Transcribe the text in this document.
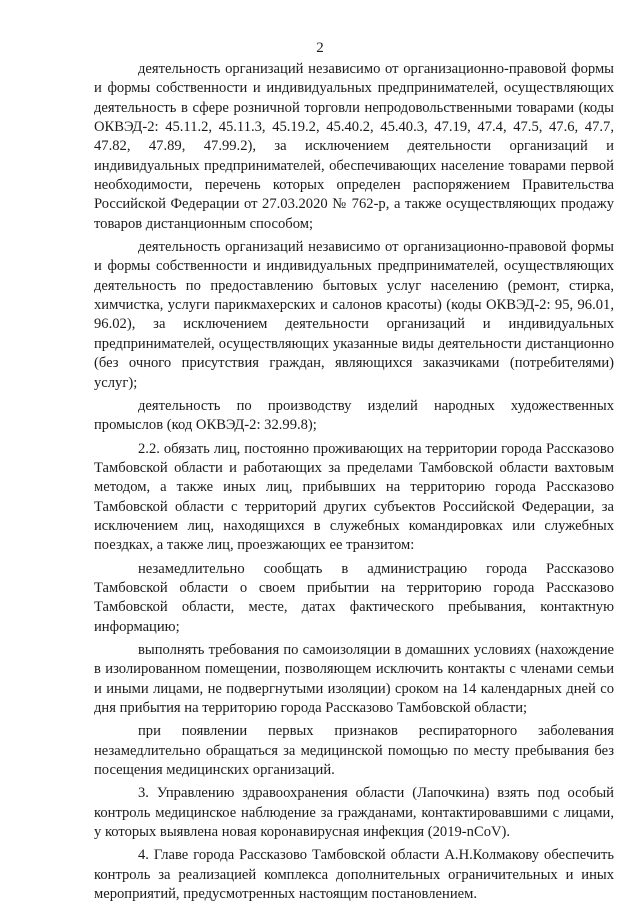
2

деятельность организаций независимо от организационно-правовой формы и формы собственности и индивидуальных предпринимателей, осуществляющих деятельность в сфере розничной торговли непродовольственными товарами (коды ОКВЭД-2: 45.11.2, 45.11.3, 45.19.2, 45.40.2, 45.40.3, 47.19, 47.4, 47.5, 47.6, 47.7, 47.82, 47.89, 47.99.2), за исключением деятельности организаций и индивидуальных предпринимателей, обеспечивающих население товарами первой необходимости, перечень которых определен распоряжением Правительства Российской Федерации от 27.03.2020 № 762-р, а также осуществляющих продажу товаров дистанционным способом;

деятельность организаций независимо от организационно-правовой формы и формы собственности и индивидуальных предпринимателей, осуществляющих деятельность по предоставлению бытовых услуг населению (ремонт, стирка, химчистка, услуги парикмахерских и салонов красоты) (коды ОКВЭД-2: 95, 96.01, 96.02), за исключением деятельности организаций и индивидуальных предпринимателей, осуществляющих указанные виды деятельности дистанционно (без очного присутствия граждан, являющихся заказчиками (потребителями) услуг);

деятельность по производству изделий народных художественных промыслов (код ОКВЭД-2: 32.99.8);

2.2. обязать лиц, постоянно проживающих на территории города Рассказово Тамбовской области и работающих за пределами Тамбовской области вахтовым методом, а также иных лиц, прибывших на территорию города Рассказово Тамбовской области с территорий других субъектов Российской Федерации, за исключением лиц, находящихся в служебных командировках или служебных поездках, а также лиц, проезжающих ее транзитом:

незамедлительно сообщать в администрацию города Рассказово Тамбовской области о своем прибытии на территорию города Рассказово Тамбовской области, месте, датах фактического пребывания, контактную информацию;

выполнять требования по самоизоляции в домашних условиях (нахождение в изолированном помещении, позволяющем исключить контакты с членами семьи и иными лицами, не подвергнутыми изоляции) сроком на 14 календарных дней со дня прибытия на территорию города Рассказово Тамбовской области;

при появлении первых признаков респираторного заболевания незамедлительно обращаться за медицинской помощью по месту пребывания без посещения медицинских организаций.

3. Управлению здравоохранения области (Лапочкина) взять под особый контроль медицинское наблюдение за гражданами, контактировавшими с лицами, у которых выявлена новая коронавирусная инфекция (2019-nCoV).

4. Главе города Рассказово Тамбовской области А.Н.Колмакову обеспечить контроль за реализацией комплекса дополнительных ограничительных и иных мероприятий, предусмотренных настоящим постановлением.
